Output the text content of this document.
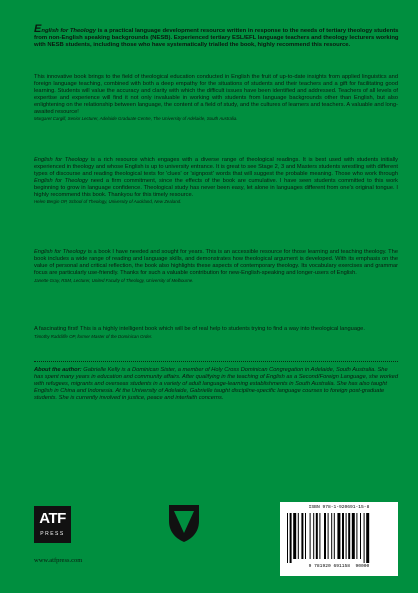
English for Theology is a practical language development resource written in response to the needs of tertiary theology students from non-English speaking backgrounds (NESB). Experienced tertiary ESL/EFL language teachers and theology lecturers working with NESB students, including those who have systematically trialled the book, highly recommend this resource.

This innovative book brings to the field of theological education conducted in English the fruit of up-to-date insights from applied linguistics and foreign language teaching, combined with both a deep empathy for the situations of students and their teachers and a gift for facilitating good learning. Students will value the accuracy and clarity with which the difficult issues have been identified and addressed. Teachers of all levels of expertise and experience will find it not only invaluable in working with students from language backgrounds other than English, but also enlightening on the relationship between language, the content of a field of study, and the cultures of learners and teachers. A valuable and long-awaited resource!

Margaret Cargill, Senior Lecturer, Adelaide Graduate Centre, The University of Adelaide, South Australia.

English for Theology is a rich resource which engages with a diverse range of theological readings. It is best used with students initially experienced in theology and whose English is up to university entrance. It is great to see Stage 2, 3 and Masters students wrestling with different types of discourse and reading theological texts for 'clues' or 'signpost' words that will suggest the probable meaning. Those who work through English for Theology need a firm commitment, since the effects of the book are cumulative. I have seen students committed to this work beginning to grow in language confidence. Theological study has never been easy, let alone in languages different from one's original tongue. I highly recommend this book. Thankyou for this timely resource.

Helen Bergin OP, School of Theology, University of Auckland, New Zealand.

English for Theology is a book I have needed and sought for years. This is an accessible resource for those learning and teaching theology. The book includes a wide range of reading and language skills, and demonstrates how theological argument is developed. With its emphasis on the value of personal and critical reflection, the book also highlights these aspects of contemporary theology. Its vocabulary exercises and grammar focus are particularly use-friendly. Thanks for such a valuable contribution for new-English-speaking and longer-users of English.

Janette Gray, RSM, Lecturer, United Faculty of Theology, University of Melbourne.

A fascinating first! This is a highly intelligent book which will be of real help to students trying to find a way into theological language.

Timothy Radcliffe OP, former Master of the Dominican Order.

About the author: Gabrielle Kelly is a Dominican Sister, a member of Holy Cross Dominican Congregation in Adelaide, South Australia. She has spent many years in education and community affairs. After qualifying in the teaching of English as a Second/Foreign Language, she worked with refugees, migrants and overseas students in a variety of adult language-learning establishments in South Australia. She has also taught English in China and Indonesia. At the University of Adelaide, Gabrielle taught discipline-specific language courses to foreign post-graduate students. She is currently involved in justice, peace and interfaith concerns.

ATF
PRESS

www.atfpress.com

ISBN 978-1-920691-15-8

9 781920 691158 90000
